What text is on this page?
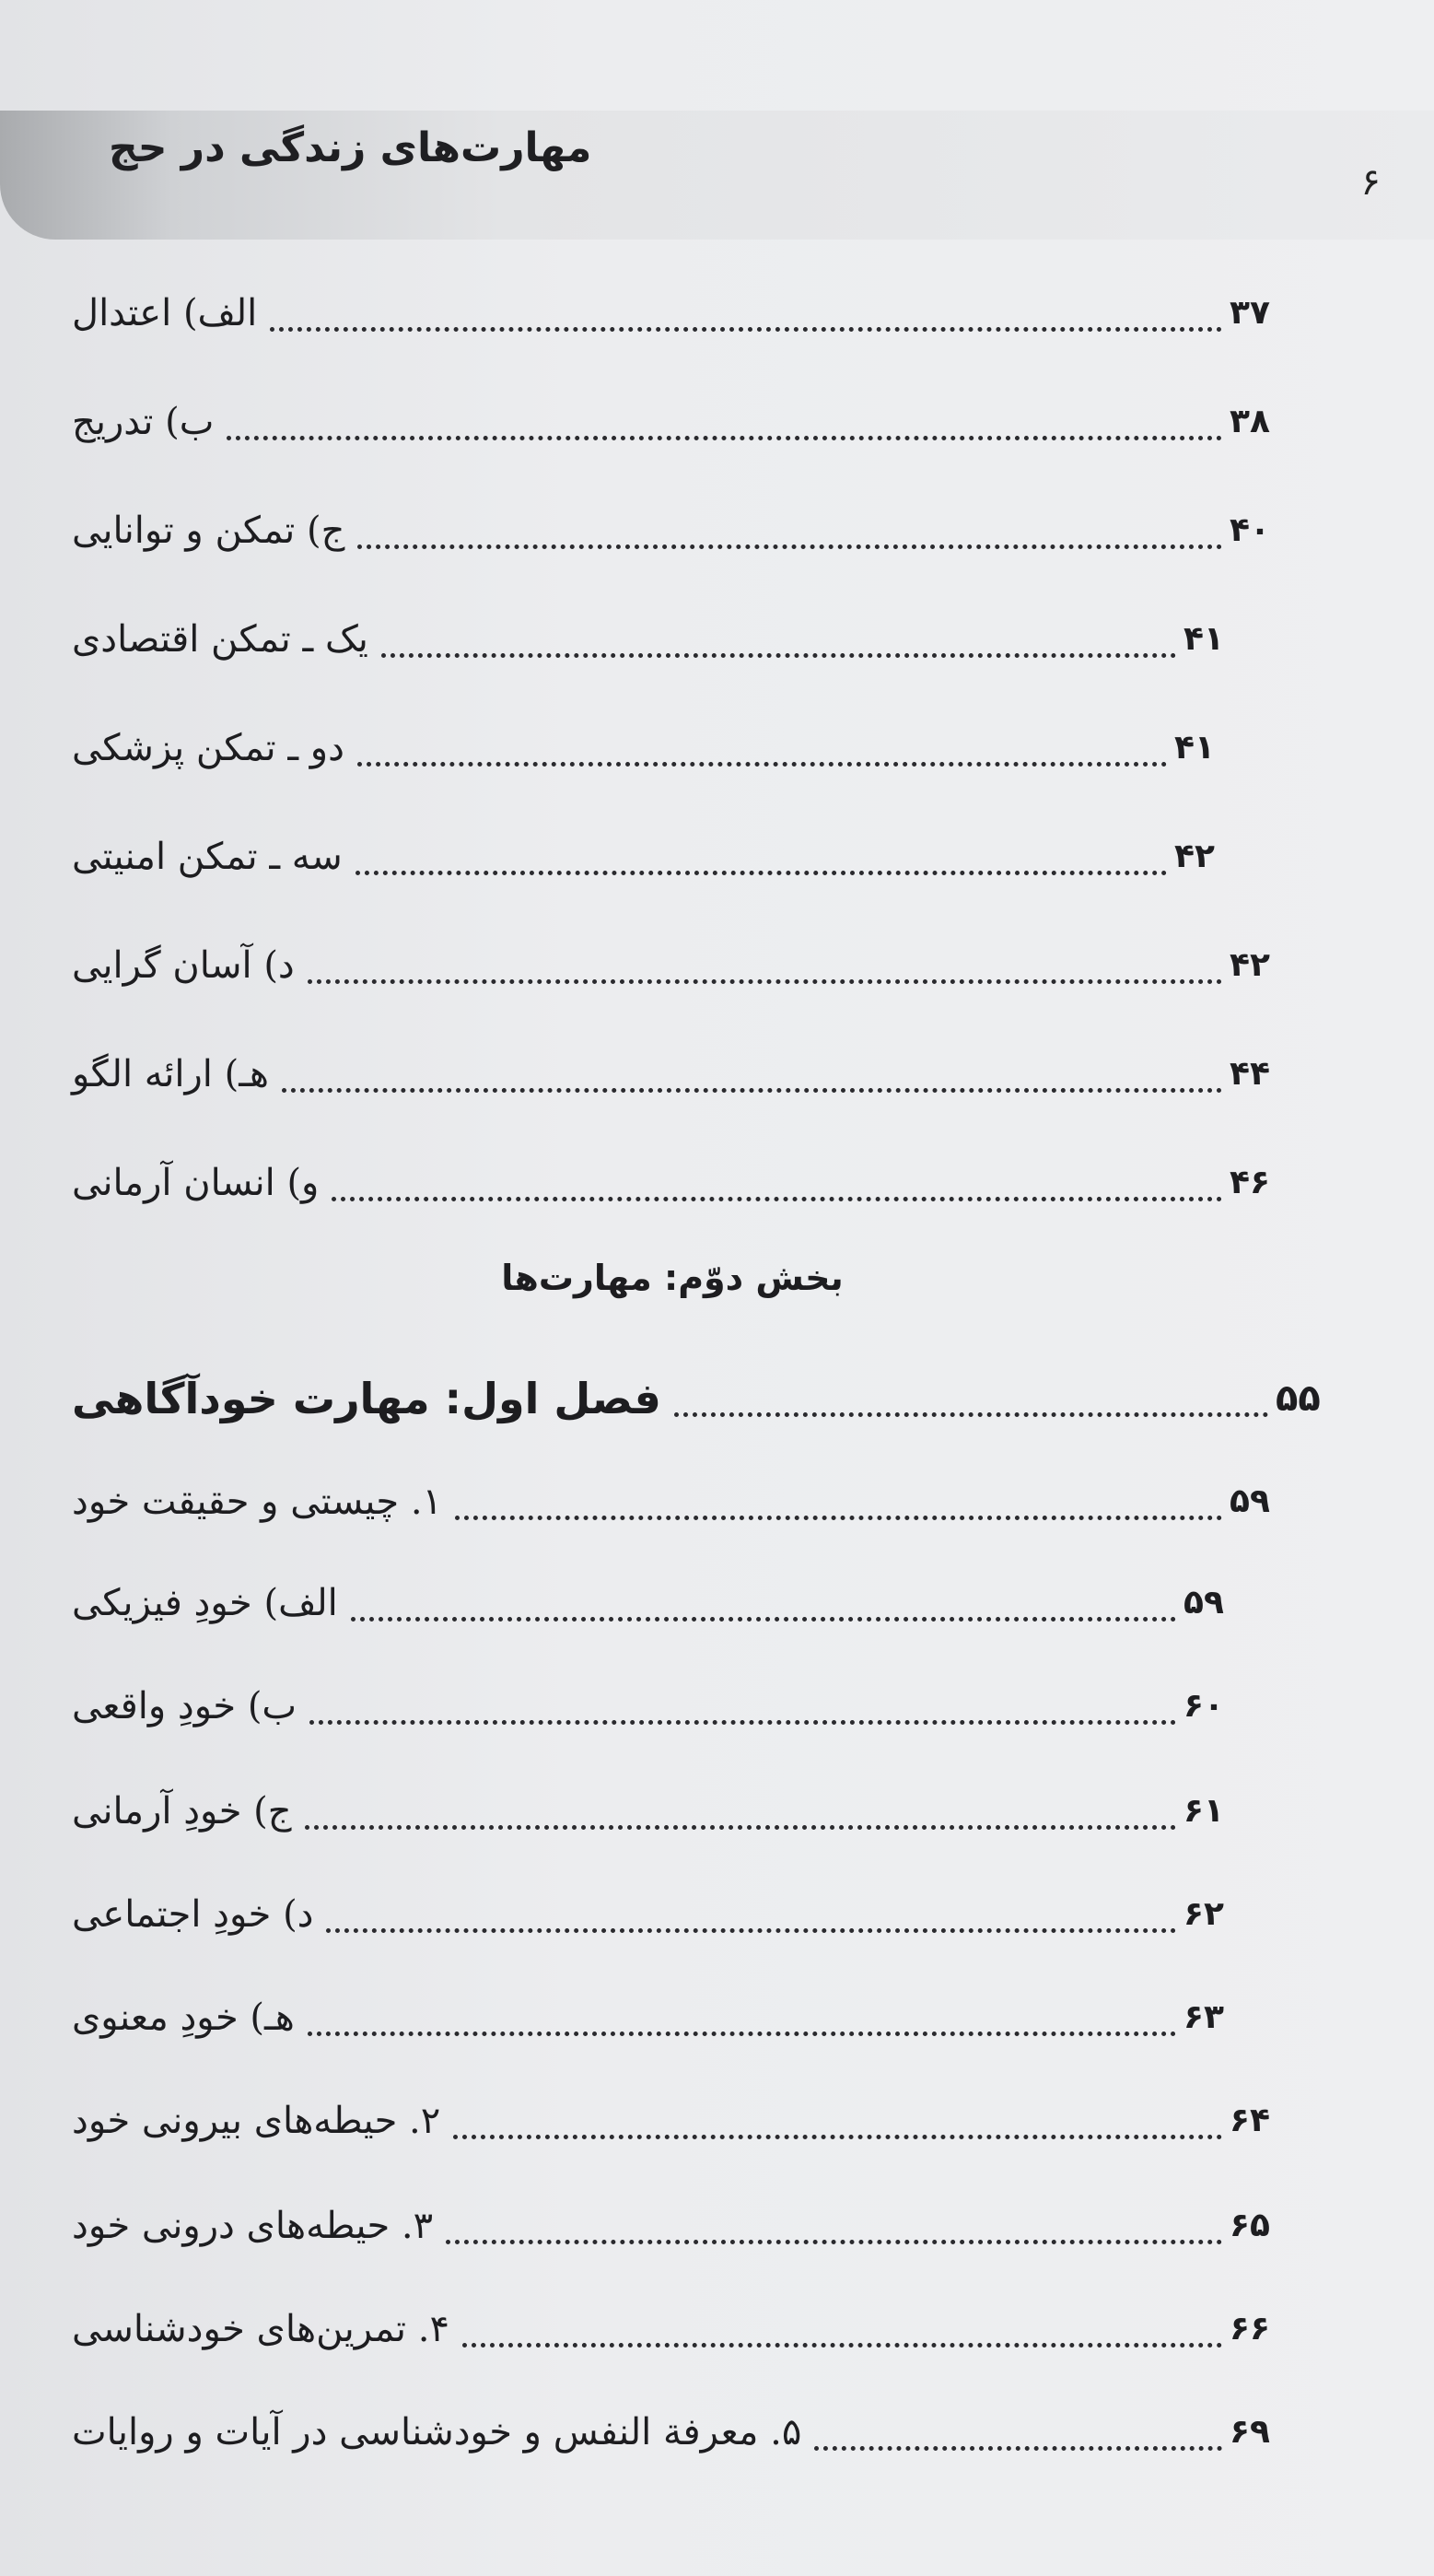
مهارت‌های زندگی در حج
۶
الف) اعتدال	۳۷
ب) تدریج	۳۸
ج) تمکن و توانایی	۴۰
یک ـ تمکن اقتصادی	۴۱
دو ـ تمکن پزشکی	۴۱
سه ـ تمکن امنیتی	۴۲
د) آسان گرایی	۴۲
هـ) ارائه الگو	۴۴
و) انسان آرمانی	۴۶
بخش دوّم: مهارت‌ها
فصل اول: مهارت خودآگاهی	۵۵
۱. چیستی و حقیقت خود	۵۹
الف) خودِ فیزیکی	۵۹
ب) خودِ واقعی	۶۰
ج) خودِ آرمانی	۶۱
د) خودِ اجتماعی	۶۲
هـ) خودِ معنوی	۶۳
۲. حیطه‌های بیرونی خود	۶۴
۳. حیطه‌های درونی خود	۶۵
۴. تمرین‌های خودشناسی	۶۶
۵. معرفة النفس و خودشناسی در آیات و روایات	۶۹
